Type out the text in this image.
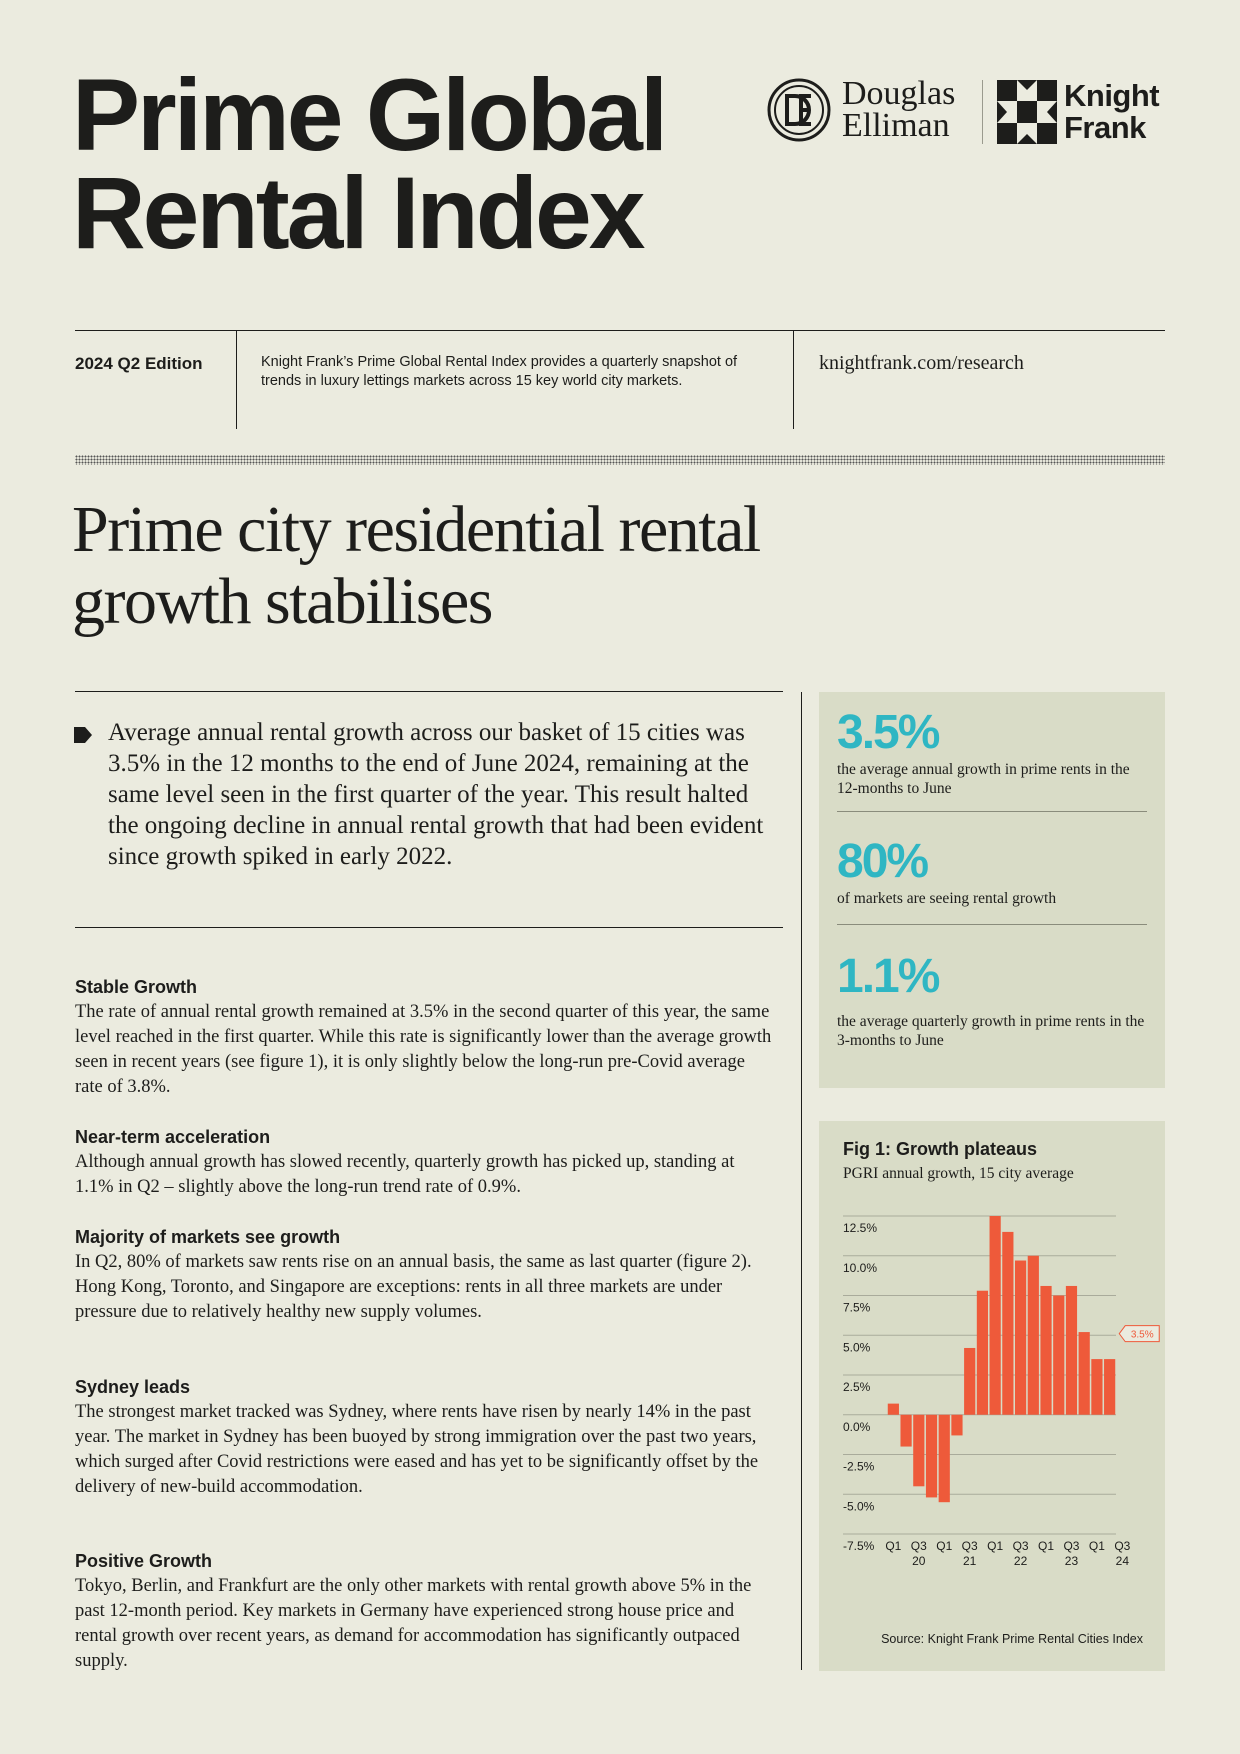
Prime Global
Rental Index
Douglas
Elliman
Knight
Frank
2024 Q2 Edition	Knight Frank’s Prime Global Rental Index provides a quarterly snapshot of trends in luxury lettings markets across 15 key world city markets.
knightfrank.com/research
Prime city residential rental
growth stabilises
Average annual rental growth across our basket of 15 cities was 3.5% in the 12 months to the end of June 2024, remaining at the same level seen in the first quarter of the year. This result halted the ongoing decline in annual rental growth that had been evident since growth spiked in early 2022.
Stable Growth

The rate of annual rental growth remained at 3.5% in the second quarter of this year, the same level reached in the first quarter. While this rate is significantly lower than the average growth seen in recent years (see figure 1), it is only slightly below the long-run pre-Covid average rate of 3.8%.

Near-term acceleration

Although annual growth has slowed recently, quarterly growth has picked up, standing at 1.1% in Q2 – slightly above the long-run trend rate of 0.9%.

Majority of markets see growth

In Q2, 80% of markets saw rents rise on an annual basis, the same as last quarter (figure 2). Hong Kong, Toronto, and Singapore are exceptions: rents in all three markets are under pressure due to relatively healthy new supply volumes.

Sydney leads

The strongest market tracked was Sydney, where rents have risen by nearly 14% in the past year. The market in Sydney has been buoyed by strong immigration over the past two years, which surged after Covid restrictions were eased and has yet to be significantly offset by the delivery of new-build accommodation.

Positive Growth

Tokyo, Berlin, and Frankfurt are the only other markets with rental growth above 5% in the past 12-month period. Key markets in Germany have experienced strong house price and rental growth over recent years, as demand for accommodation has significantly outpaced supply.

3.5%
the average annual growth in prime rents in the 12-months to June
80%
of markets are seeing rental growth
1.1%
the average quarterly growth in prime rents in the 3-months to June
Fig 1: Growth plateaus
PGRI annual growth, 15 city average
12.5%
10.0%
7.5%
5.0%
2.5%
0.0%
-2.5%
-5.0%
-7.5% Q1 Q3
20
Q1 Q3
21
Q1 Q3
22
Q1 Q3
23
Q1 Q3
24
3.5%
Source: Knight Frank Prime Rental Cities Index
